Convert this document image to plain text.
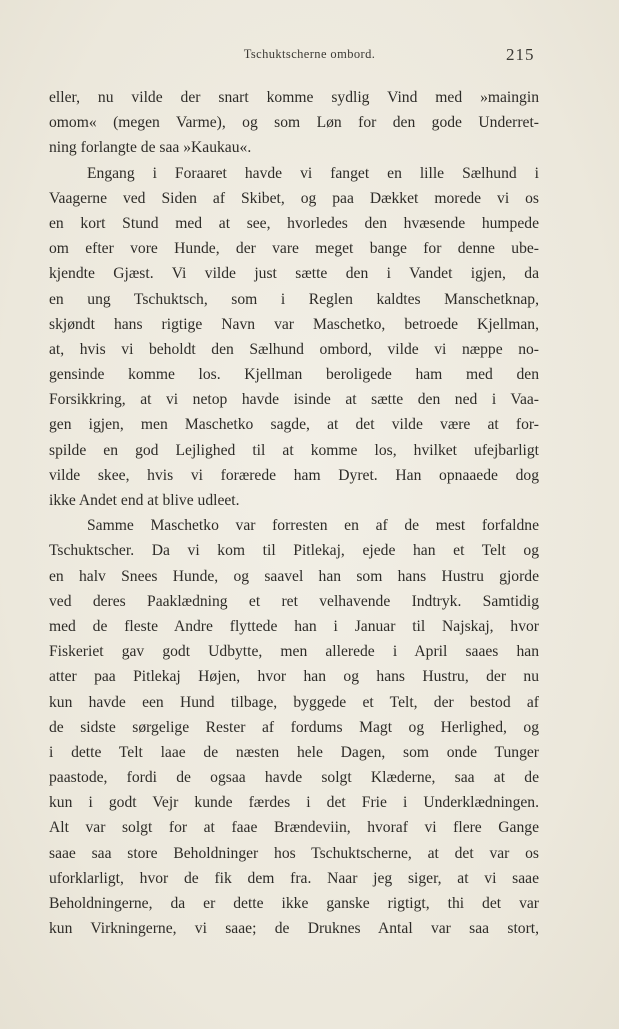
Tschuktscherne ombord.	215
eller, nu vilde der snart komme sydlig Vind med »maingin
omom« (megen Varme), og som Løn for den gode Underret-
ning forlangte de saa »Kaukau«.
Engang i Foraaret havde vi fanget en lille Sælhund i
Vaagerne ved Siden af Skibet, og paa Dækket morede vi os
en kort Stund med at see, hvorledes den hvæsende humpede
om efter vore Hunde, der vare meget bange for denne ube-
kjendte Gjæst. Vi vilde just sætte den i Vandet igjen, da
en ung Tschuktsch, som i Reglen kaldtes Manschetknap,
skjøndt hans rigtige Navn var Maschetko, betroede Kjellman,
at, hvis vi beholdt den Sælhund ombord, vilde vi næppe no-
gensinde komme los. Kjellman beroligede ham med den
Forsikkring, at vi netop havde isinde at sætte den ned i Vaa-
gen igjen, men Maschetko sagde, at det vilde være at for-
spilde en god Lejlighed til at komme los, hvilket ufejbarligt
vilde skee, hvis vi forærede ham Dyret. Han opnaaede dog
ikke Andet end at blive udleet.
Samme Maschetko var forresten en af de mest forfaldne
Tschuktscher. Da vi kom til Pitlekaj, ejede han et Telt og
en halv Snees Hunde, og saavel han som hans Hustru gjorde
ved deres Paaklædning et ret velhavende Indtryk. Samtidig
med de fleste Andre flyttede han i Januar til Najskaj, hvor
Fiskeriet gav godt Udbytte, men allerede i April saaes han
atter paa Pitlekaj Højen, hvor han og hans Hustru, der nu
kun havde een Hund tilbage, byggede et Telt, der bestod af
de sidste sørgelige Rester af fordums Magt og Herlighed, og
i dette Telt laae de næsten hele Dagen, som onde Tunger
paastode, fordi de ogsaa havde solgt Klæderne, saa at de
kun i godt Vejr kunde færdes i det Frie i Underklædningen.
Alt var solgt for at faae Brændeviin, hvoraf vi flere Gange
saae saa store Beholdninger hos Tschuktscherne, at det var os
uforklarligt, hvor de fik dem fra. Naar jeg siger, at vi saae
Beholdningerne, da er dette ikke ganske rigtigt, thi det var
kun Virkningerne, vi saae; de Druknes Antal var saa stort,
